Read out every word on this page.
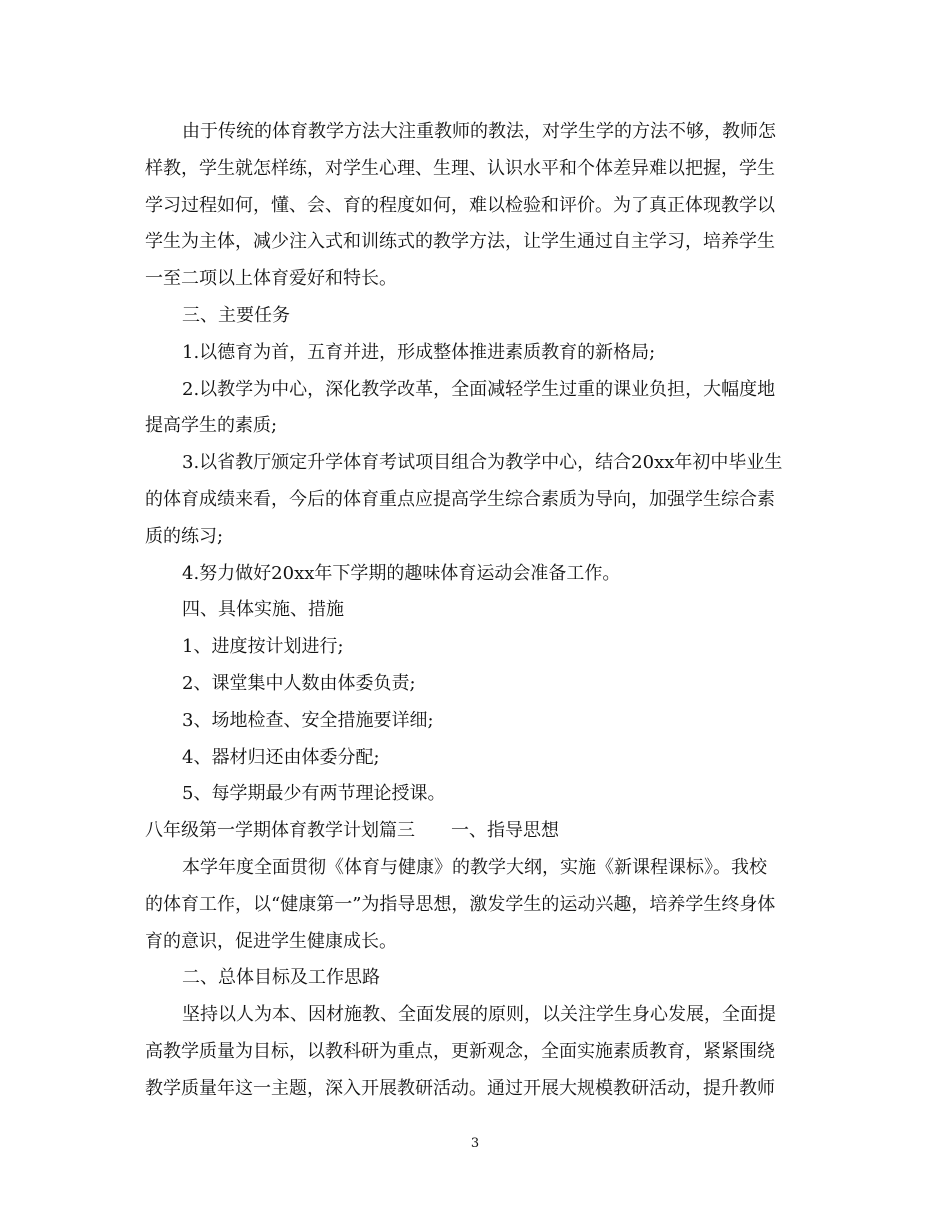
由于传统的体育教学方法大注重教师的教法，对学生学的方法不够，教师怎
样教，学生就怎样练，对学生心理、生理、认识水平和个体差异难以把握，学生
学习过程如何，懂、会、育的程度如何，难以检验和评价。为了真正体现教学以
学生为主体，减少注入式和训练式的教学方法，让学生通过自主学习，培养学生
一至二项以上体育爱好和特长。
三、主要任务
1.以德育为首，五育并进，形成整体推进素质教育的新格局;
2.以教学为中心，深化教学改革，全面减轻学生过重的课业负担，大幅度地
提高学生的素质;
3.以省教厅颁定升学体育考试项目组合为教学中心，结合20xx年初中毕业生
的体育成绩来看，今后的体育重点应提高学生综合素质为导向，加强学生综合素
质的练习;
4.努力做好20xx年下学期的趣味体育运动会准备工作。
四、具体实施、措施
1、进度按计划进行;
2、课堂集中人数由体委负责;
3、场地检查、安全措施要详细;
4、器材归还由体委分配;
5、每学期最少有两节理论授课。
八年级第一学期体育教学计划篇三 一、指导思想
本学年度全面贯彻《体育与健康》的教学大纲，实施《新课程课标》。我校
的体育工作，以“健康第一”为指导思想，激发学生的运动兴趣，培养学生终身体
育的意识，促进学生健康成长。
二、总体目标及工作思路
坚持以人为本、因材施教、全面发展的原则，以关注学生身心发展，全面提
高教学质量为目标，以教科研为重点，更新观念，全面实施素质教育，紧紧围绕
教学质量年这一主题，深入开展教研活动。通过开展大规模教研活动，提升教师
3
